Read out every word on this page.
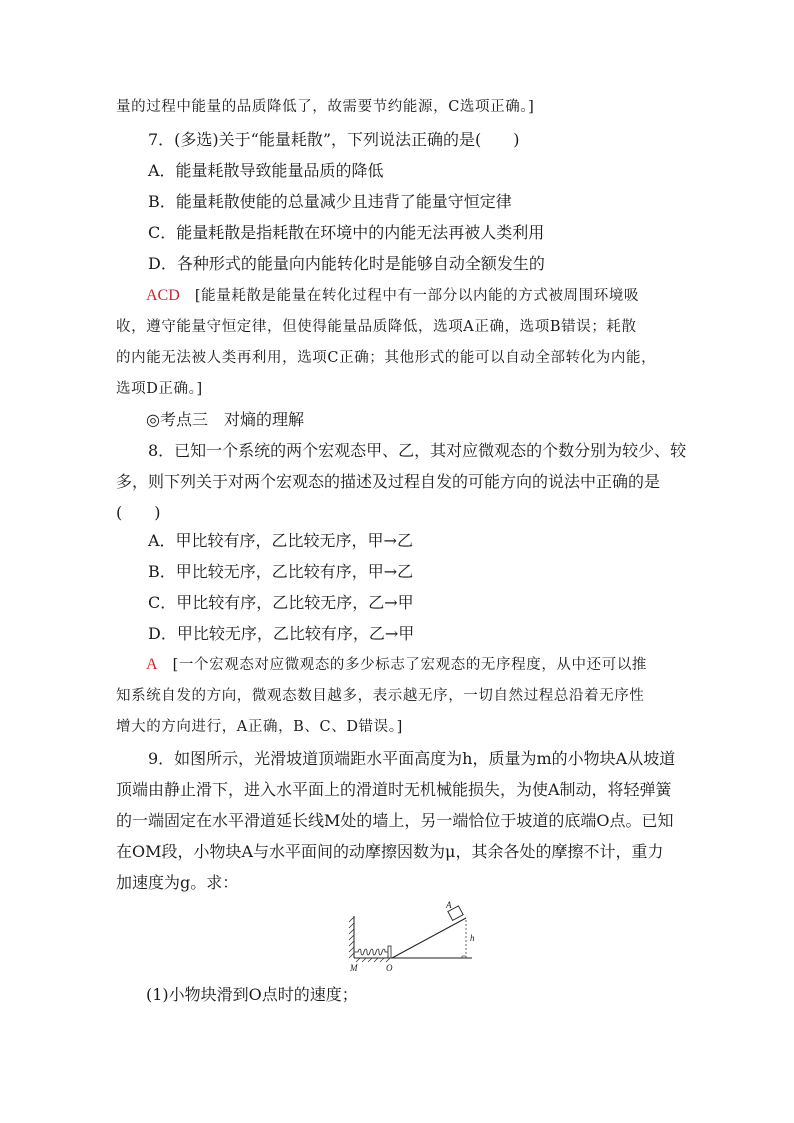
量的过程中能量的品质降低了，故需要节约能源，C选项正确。]
7．(多选)关于“能量耗散”，下列说法正确的是(　　)
A．能量耗散导致能量品质的降低
B．能量耗散使能的总量减少且违背了能量守恒定律
C．能量耗散是指耗散在环境中的内能无法再被人类利用
D．各种形式的能量向内能转化时是能够自动全额发生的
ACD　 [能量耗散是能量在转化过程中有一部分以内能的方式被周围环境吸
收，遵守能量守恒定律，但使得能量品质降低，选项A正确，选项B错误；耗散
的内能无法被人类再利用，选项C正确；其他形式的能可以自动全部转化为内能，
选项D正确。]
◎考点三　对熵的理解
8．已知一个系统的两个宏观态甲、乙，其对应微观态的个数分别为较少、较
多，则下列关于对两个宏观态的描述及过程自发的可能方向的说法中正确的是
(　　)
A．甲比较有序，乙比较无序，甲→乙
B．甲比较无序，乙比较有序，甲→乙
C．甲比较有序，乙比较无序，乙→甲
D．甲比较无序，乙比较有序，乙→甲
A　 [一个宏观态对应微观态的多少标志了宏观态的无序程度，从中还可以推
知系统自发的方向，微观态数目越多，表示越无序，一切自然过程总沿着无序性
增大的方向进行，A正确，B、C、D错误。]
9．如图所示，光滑坡道顶端距水平面高度为h，质量为m的小物块A从坡道
顶端由静止滑下，进入水平面上的滑道时无机械能损失，为使A制动，将轻弹簧
的一端固定在水平滑道延长线M处的墙上，另一端恰位于坡道的底端O点。已知
在OM段，小物块A与水平面间的动摩擦因数为μ，其余各处的摩擦不计，重力
加速度为g。求：
A
h
M	O
(1)小物块滑到O点时的速度；
